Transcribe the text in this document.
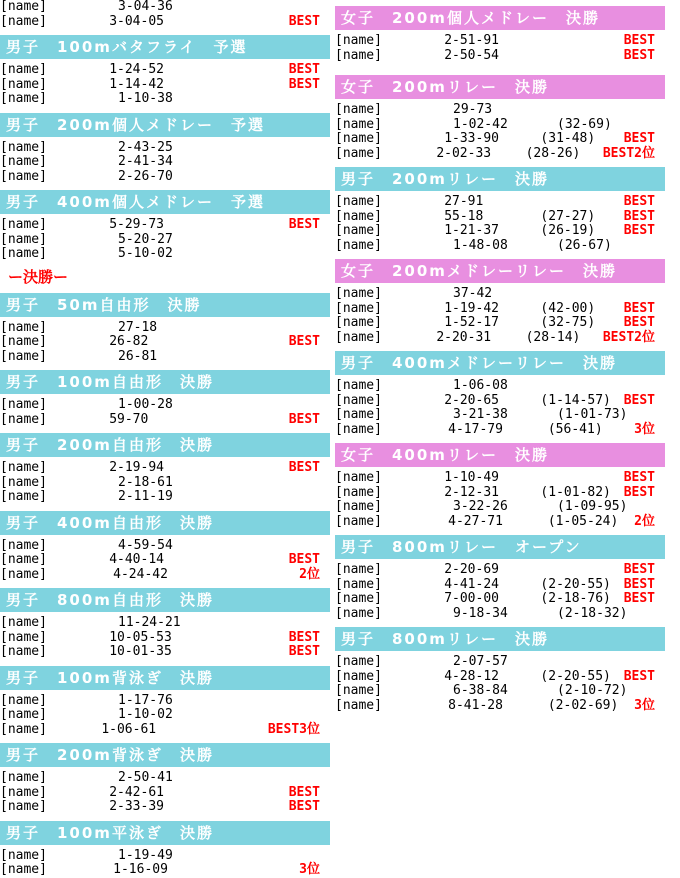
[name]	3-04-36
[name]	3-04-05	BEST
男子　100mバタフライ　予選
[name]	1-24-52	BEST
[name]	1-14-42	BEST
[name]	1-10-38
男子　200m個人メドレー　予選
[name]	2-43-25
[name]	2-41-34
[name]	2-26-70
男子　400m個人メドレー　予選
[name]	5-29-73	BEST
[name]	5-20-27
[name]	5-10-02
ー決勝ー
男子　50m自由形　決勝
[name]	27-18
[name]	26-82	BEST
[name]	26-81
男子　100m自由形　決勝
[name]	1-00-28
[name]	59-70	BEST
男子　200m自由形　決勝
[name]	2-19-94	BEST
[name]	2-18-61
[name]	2-11-19
男子　400m自由形　決勝
[name]	4-59-54
[name]	4-40-14	BEST
[name]	4-24-42	2位
男子　800m自由形　決勝
[name]	11-24-21
[name]	10-05-53	BEST
[name]	10-01-35	BEST
男子　100m背泳ぎ　決勝
[name]	1-17-76
[name]	1-10-02
[name]	1-06-61	BEST 3位
男子　200m背泳ぎ　決勝
[name]	2-50-41
[name]	2-42-61	BEST
[name]	2-33-39	BEST
男子　100m平泳ぎ　決勝
[name]	1-19-49
[name]	1-16-09	3位
女子　200m個人メドレー　決勝
[name]	2-51-91	BEST
[name]	2-50-54	BEST
女子　200mリレー　決勝
[name]	29-73
[name]	1-02-42	(32-69)
[name]	1-33-90	(31-48)	BEST
[name]	2-02-33	(28-26)	BEST 2位
男子　200mリレー　決勝
[name]	27-91	BEST
[name]	55-18	(27-27)	BEST
[name]	1-21-37	(26-19)	BEST
[name]	1-48-08	(26-67)
女子　200mメドレーリレー　決勝
[name]	37-42
[name]	1-19-42	(42-00)	BEST
[name]	1-52-17	(32-75)	BEST
[name]	2-20-31	(28-14)	BEST 2位
男子　400mメドレーリレー　決勝
[name]	1-06-08
[name]	2-20-65	(1-14-57) BEST
[name]	3-21-38	(1-01-73)
[name]	4-17-79	(56-41)	3位
女子　400mリレー　決勝
[name]	1-10-49	BEST
[name]	2-12-31	(1-01-82) BEST
[name]	3-22-26	(1-09-95)
[name]	4-27-71	(1-05-24)	2位
男子　800mリレー　オープン
[name]	2-20-69	BEST
[name]	4-41-24	(2-20-55) BEST
[name]	7-00-00	(2-18-76) BEST
[name]	9-18-34	(2-18-32)
男子　800mリレー　決勝
[name]	2-07-57
[name]	4-28-12	(2-20-55) BEST
[name]	6-38-84	(2-10-72)
[name]	8-41-28	(2-02-69)	3位
